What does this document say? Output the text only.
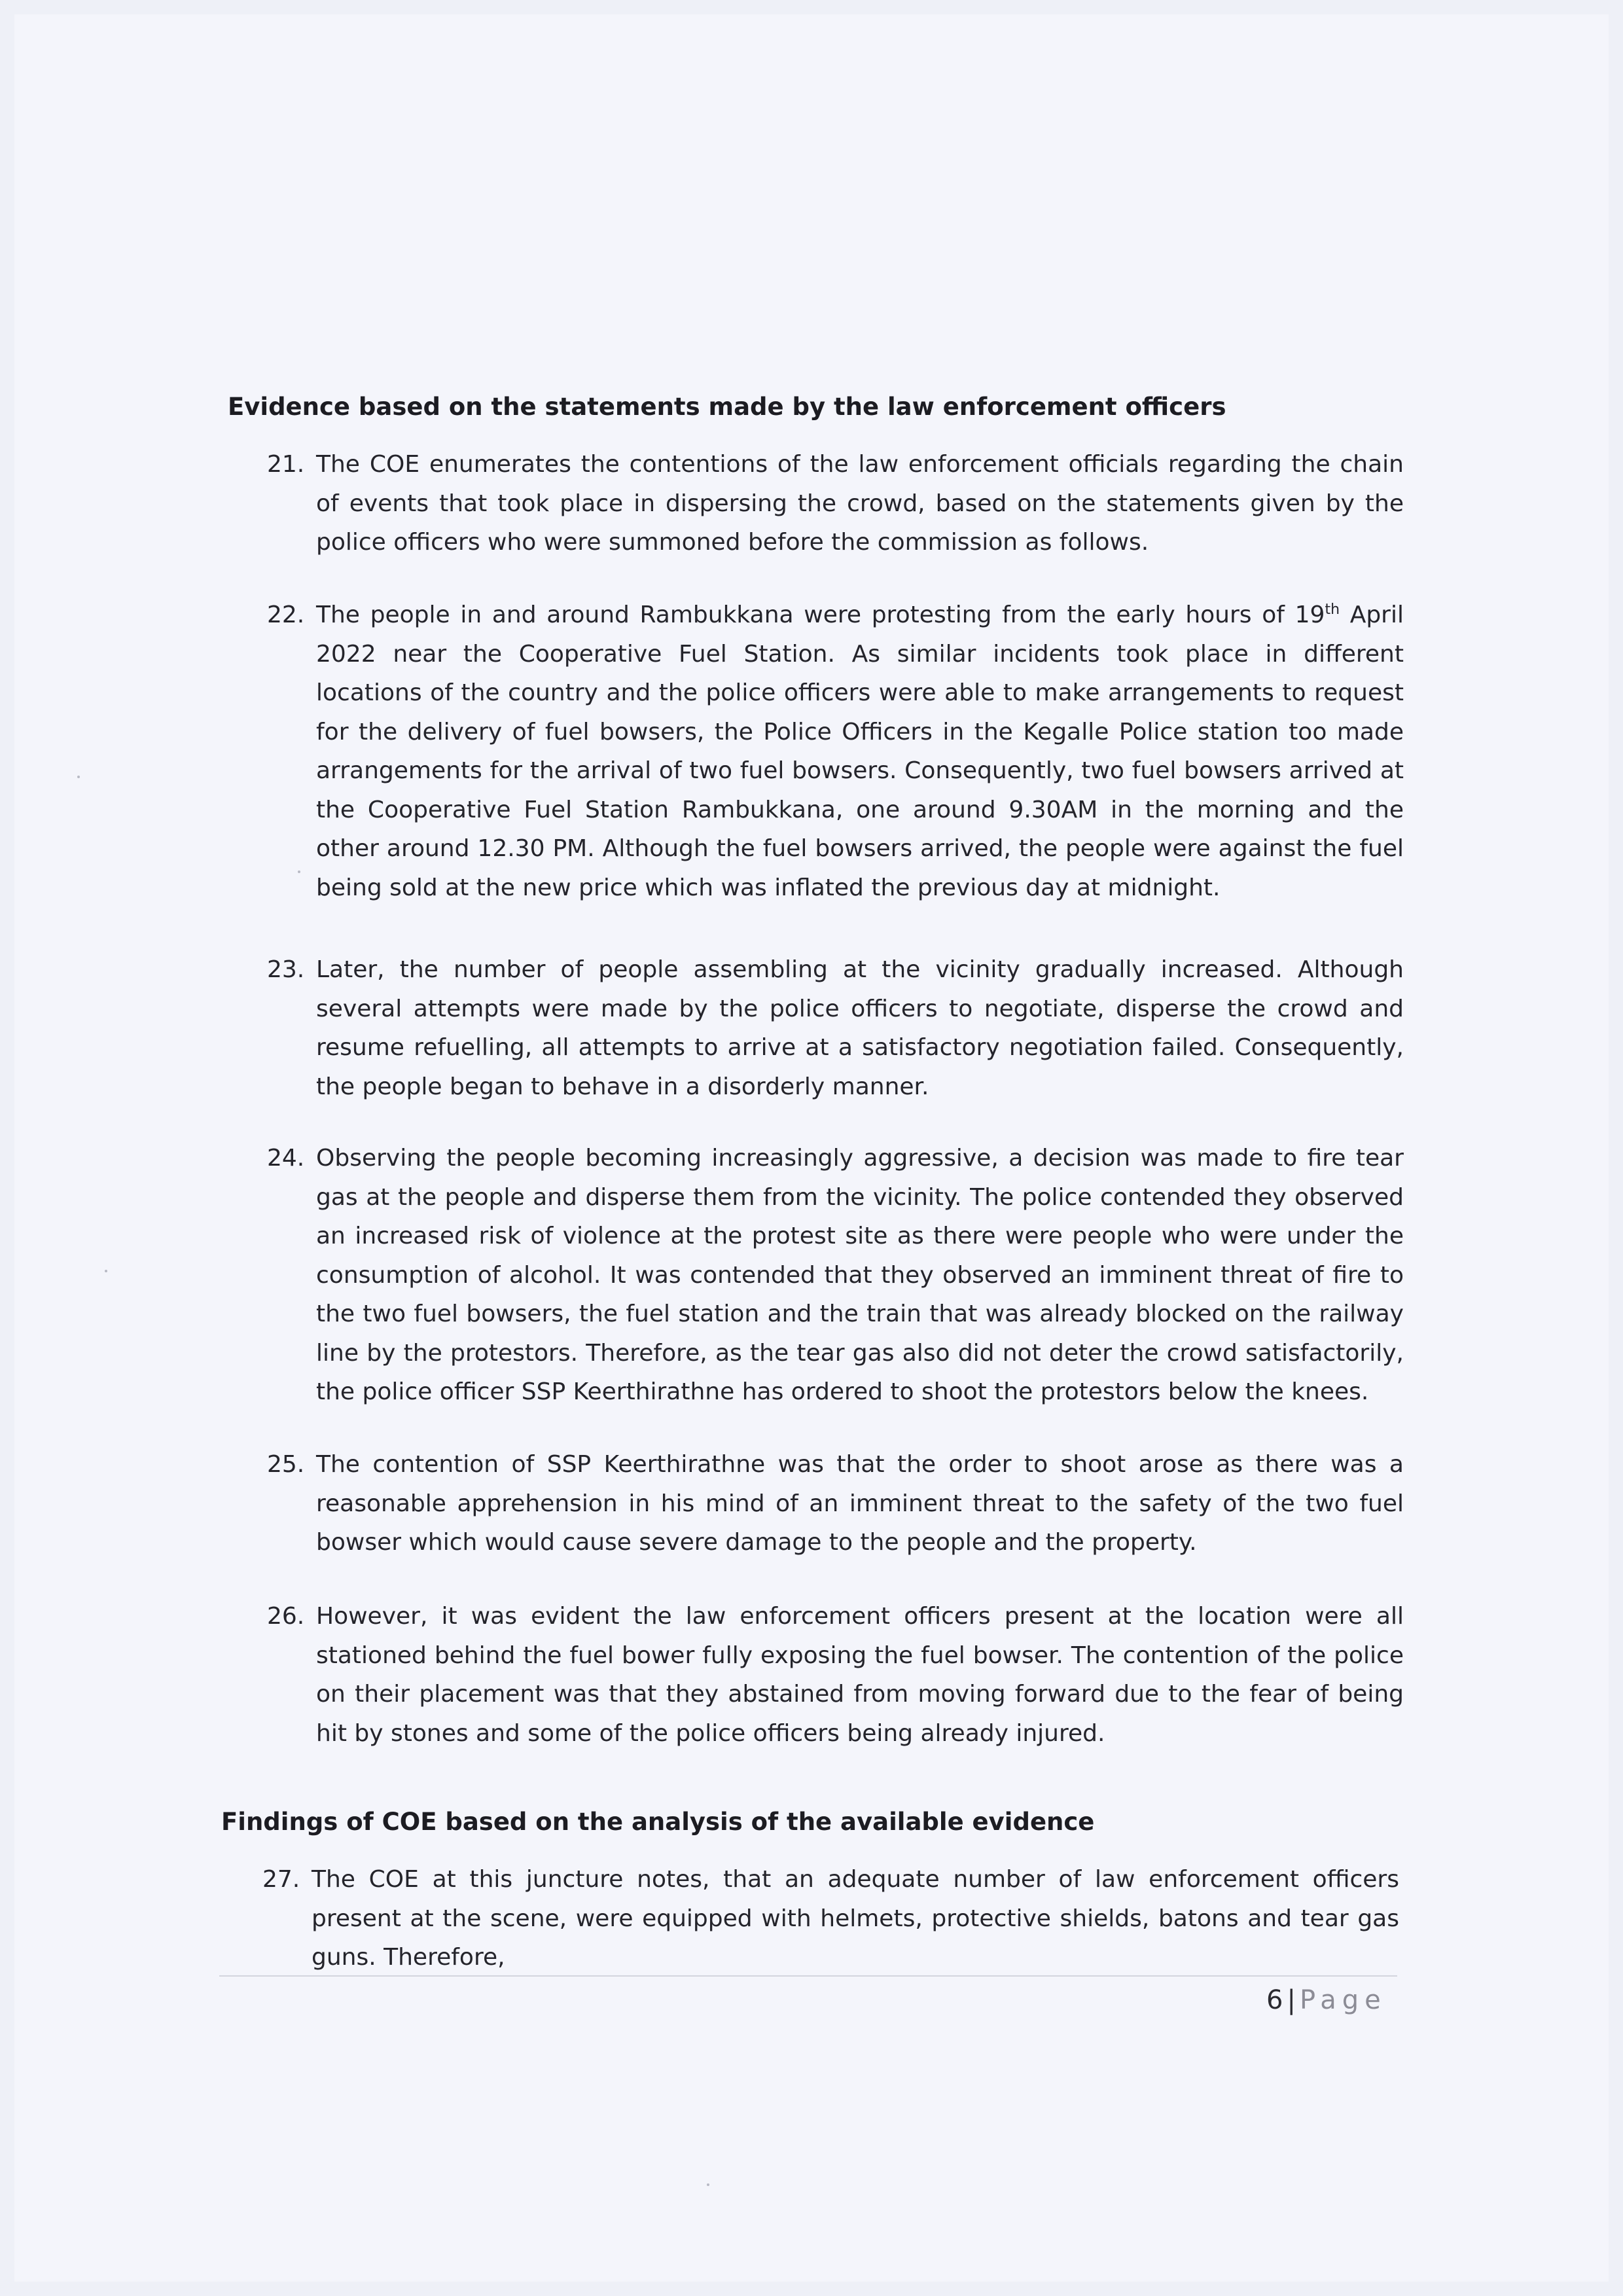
Evidence based on the statements made by the law enforcement officers
21. The COE enumerates the contentions of the law enforcement officials regarding the chain of events that took place in dispersing the crowd, based on the statements given by the police officers who were summoned before the commission as follows.
22. The people in and around Rambukkana were protesting from the early hours of 19th April 2022 near the Cooperative Fuel Station. As similar incidents took place in different locations of the country and the police officers were able to make arrangements to request for the delivery of fuel bowsers, the Police Officers in the Kegalle Police station too made arrangements for the arrival of two fuel bowsers. Consequently, two fuel bowsers arrived at the Cooperative Fuel Station Rambukkana, one around 9.30AM in the morning and the other around 12.30 PM. Although the fuel bowsers arrived, the people were against the fuel being sold at the new price which was inflated the previous day at midnight.
23. Later, the number of people assembling at the vicinity gradually increased. Although several attempts were made by the police officers to negotiate, disperse the crowd and resume refuelling, all attempts to arrive at a satisfactory negotiation failed. Consequently, the people began to behave in a disorderly manner.
24. Observing the people becoming increasingly aggressive, a decision was made to fire tear gas at the people and disperse them from the vicinity. The police contended they observed an increased risk of violence at the protest site as there were people who were under the consumption of alcohol. It was contended that they observed an imminent threat of fire to the two fuel bowsers, the fuel station and the train that was already blocked on the railway line by the protestors. Therefore, as the tear gas also did not deter the crowd satisfactorily, the police officer SSP Keerthirathne has ordered to shoot the protestors below the knees.
25. The contention of SSP Keerthirathne was that the order to shoot arose as there was a reasonable apprehension in his mind of an imminent threat to the safety of the two fuel bowser which would cause severe damage to the people and the property.
26. However, it was evident the law enforcement officers present at the location were all stationed behind the fuel bower fully exposing the fuel bowser. The contention of the police on their placement was that they abstained from moving forward due to the fear of being hit by stones and some of the police officers being already injured.
Findings of COE based on the analysis of the available evidence
27. The COE at this juncture notes, that an adequate number of law enforcement officers present at the scene, were equipped with helmets, protective shields, batons and tear gas guns. Therefore,
6 | Page
